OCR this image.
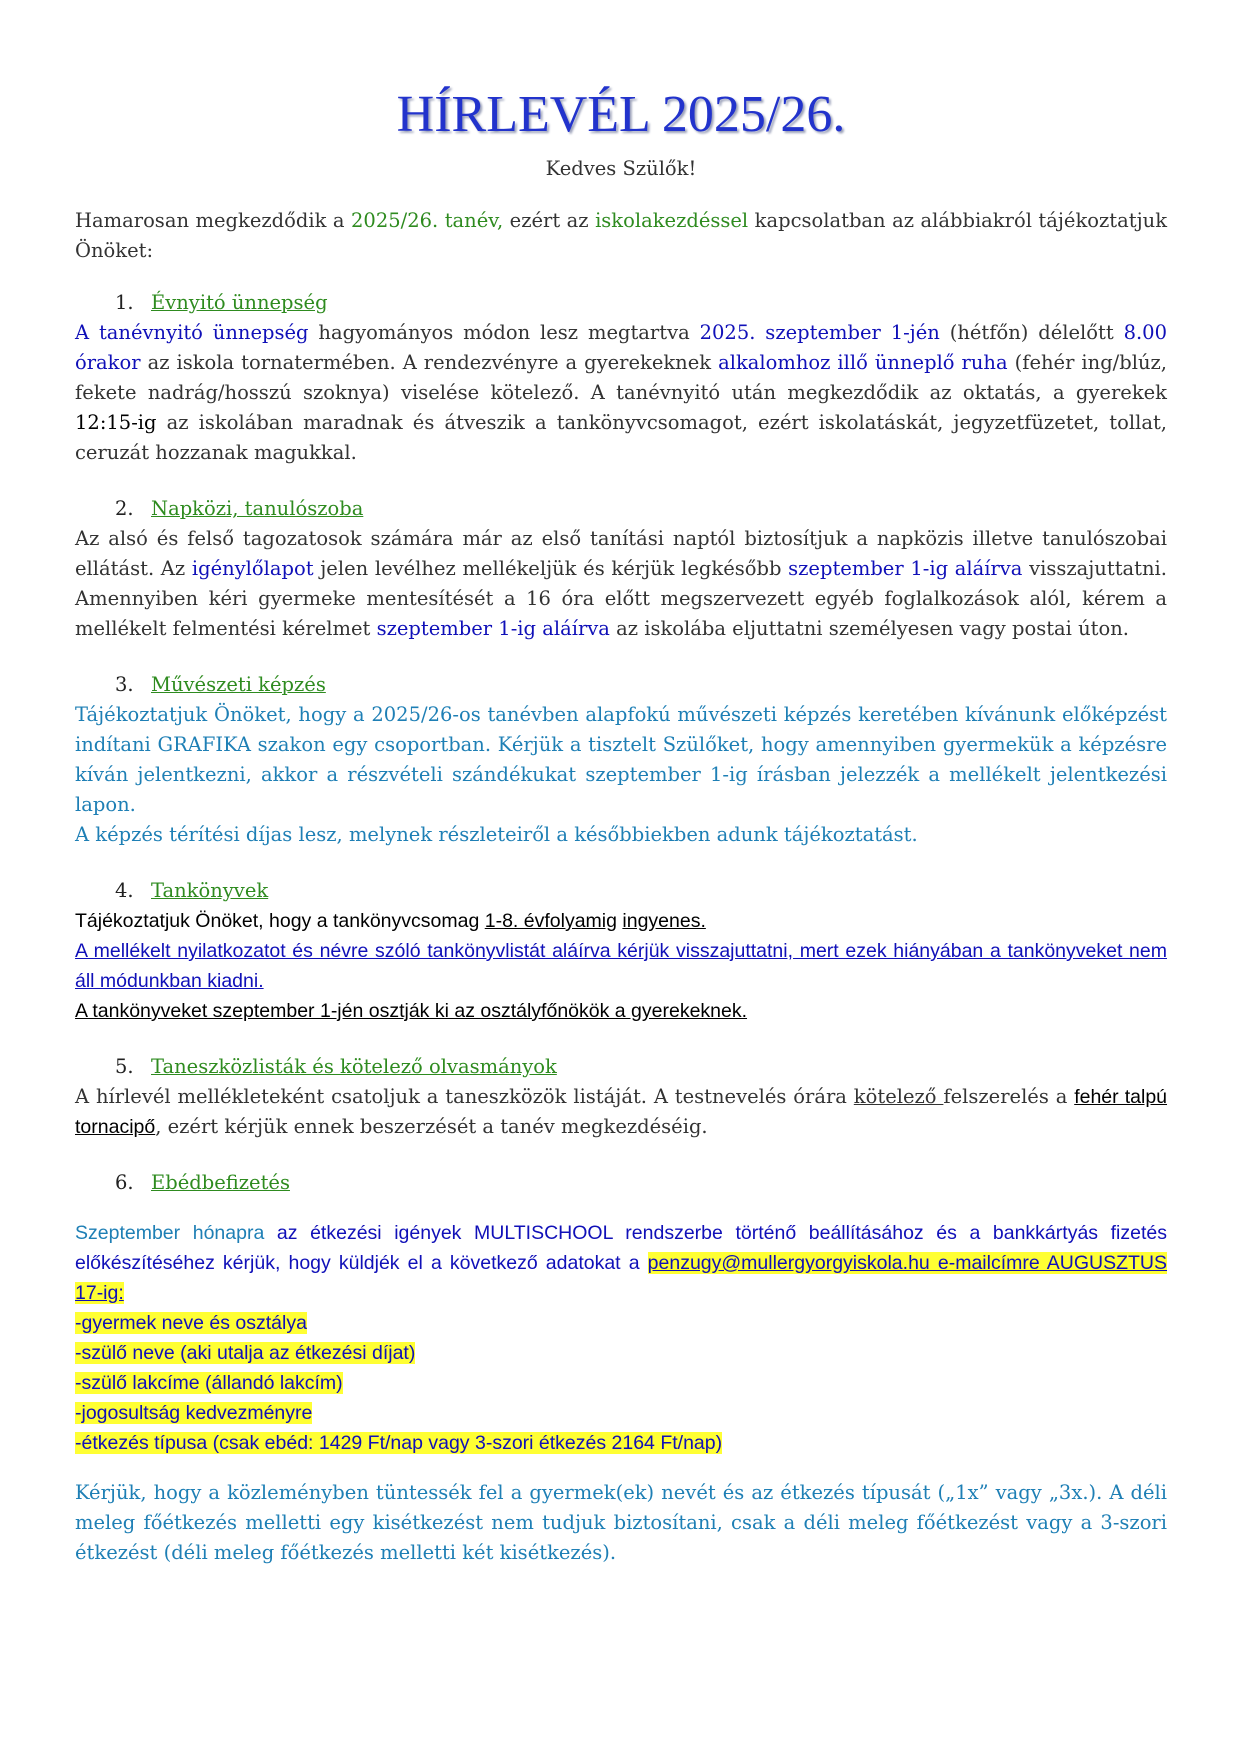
HÍRLEVÉL 2025/26.
Kedves Szülők!

Hamarosan megkezdődik a 2025/26. tanév, ezért az iskolakezdéssel kapcsolatban az alábbiakról tájékoztatjuk Önöket:

1. Évnyitó ünnepség

A tanévnyitó ünnepség hagyományos módon lesz megtartva 2025. szeptember 1-jén (hétfőn) délelőtt 8.00 órakor az iskola tornatermében. A rendezvényre a gyerekeknek alkalomhoz illő ünneplő ruha (fehér ing/blúz, fekete nadrág/hosszú szoknya) viselése kötelező. A tanévnyitó után megkezdődik az oktatás, a gyerekek 12:15-ig az iskolában maradnak és átveszik a tankönyvcsomagot, ezért iskolatáskát, jegyzetfüzetet, tollat, ceruzát hozzanak magukkal.

2. Napközi, tanulószoba

Az alsó és felső tagozatosok számára már az első tanítási naptól biztosítjuk a napközis illetve tanulószobai ellátást. Az igénylőlapot jelen levélhez mellékeljük és kérjük legkésőbb szeptember 1-ig aláírva visszajuttatni. Amennyiben kéri gyermeke mentesítését a 16 óra előtt megszervezett egyéb foglalkozások alól, kérem a mellékelt felmentési kérelmet szeptember 1-ig aláírva az iskolába eljuttatni személyesen vagy postai úton.

3. Művészeti képzés

Tájékoztatjuk Önöket, hogy a 2025/26-os tanévben alapfokú művészeti képzés keretében kívánunk előképzést indítani GRAFIKA szakon egy csoportban. Kérjük a tisztelt Szülőket, hogy amennyiben gyermekük a képzésre kíván jelentkezni, akkor a részvételi szándékukat szeptember 1-ig írásban jelezzék a mellékelt jelentkezési lapon.

A képzés térítési díjas lesz, melynek részleteiről a későbbiekben adunk tájékoztatást.

4. Tankönyvek

Tájékoztatjuk Önöket, hogy a tankönyvcsomag 1-8. évfolyamig ingyenes.

A mellékelt nyilatkozatot és névre szóló tankönyvlistát aláírva kérjük visszajuttatni, mert ezek hiányában a tankönyveket nem áll módunkban kiadni.

A tankönyveket szeptember 1-jén osztják ki az osztályfőnökök a gyerekeknek.

5. Taneszközlisták és kötelező olvasmányok

A hírlevél mellékleteként csatoljuk a taneszközök listáját. A testnevelés órára kötelező felszerelés a fehér talpú tornacipő, ezért kérjük ennek beszerzését a tanév megkezdéséig.

6. Ebédbefizetés

Szeptember hónapra az étkezési igények MULTISCHOOL rendszerbe történő beállításához és a bankkártyás fizetés előkészítéséhez kérjük, hogy küldjék el a következő adatokat a penzugy@mullergyorgyiskola.hu e-mailcímre AUGUSZTUS 17-ig:

-gyermek neve és osztálya
-szülő neve (aki utalja az étkezési díjat)
-szülő lakcíme (állandó lakcím)
-jogosultság kedvezményre
-étkezés típusa (csak ebéd: 1429 Ft/nap vagy 3-szori étkezés 2164 Ft/nap)

Kérjük, hogy a közleményben tüntessék fel a gyermek(ek) nevét és az étkezés típusát („1x” vagy „3x.). A déli meleg főétkezés melletti egy kisétkezést nem tudjuk biztosítani, csak a déli meleg főétkezést vagy a 3-szori étkezést (déli meleg főétkezés melletti két kisétkezés).
